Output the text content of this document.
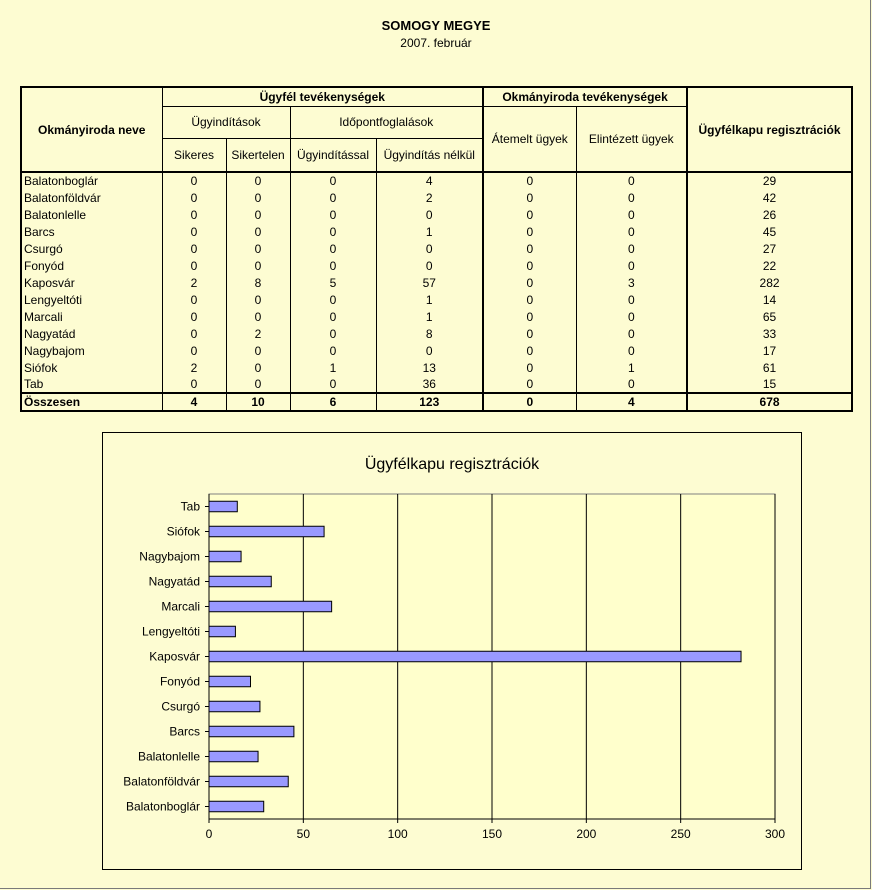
SOMOGY MEGYE
2007. február
Okmányiroda neve	Ügyfél tevékenységek				Okmányiroda tevékenységek		Ügyfélkapu regisztrációk
	Ügyindítások		Időpontfoglalások		Átemelt ügyek	Elintézett ügyek	
	Sikeres	Sikertelen	Ügyindítással	Ügyindítás nélkül			
Balatonboglár	0	0	0	4	0	0	29
Balatonföldvár	0	0	0	2	0	0	42
Balatonlelle	0	0	0	0	0	0	26
Barcs	0	0	0	1	0	0	45
Csurgó	0	0	0	0	0	0	27
Fonyód	0	0	0	0	0	0	22
Kaposvár	2	8	5	57	0	3	282
Lengyeltóti	0	0	0	1	0	0	14
Marcali	0	0	0	1	0	0	65
Nagyatád	0	2	0	8	0	0	33
Nagybajom	0	0	0	0	0	0	17
Siófok	2	0	1	13	0	1	61
Tab	0	0	0	36	0	0	15
Összesen	4	10	6	123	0	4	678
Ügyfélkapu regisztrációk
0	50	100	150	200	250	300
Balatonboglár
Balatonföldvár
Balatonlelle
Barcs
Csurgó
Fonyód
Kaposvár
Lengyeltóti
Marcali
Nagyatád
Nagybajom
Siófok
Tab
